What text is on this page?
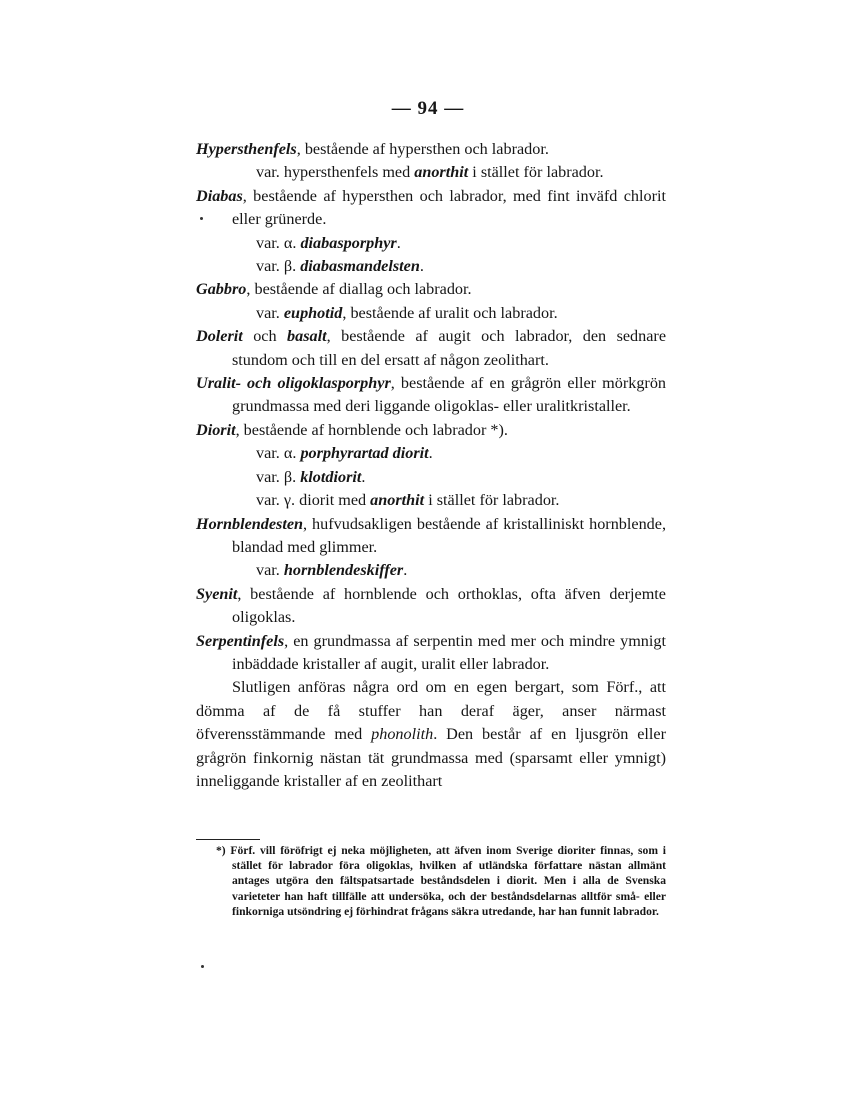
— 94 —

Hypersthenfels, bestående af hypersthen och labrador.

var. hypersthenfels med anorthit i stället för labrador.

Diabas, bestående af hypersthen och labrador, med fint inväfd chlorit eller grünerde.

var. α. diabasporphyr.

var. β. diabasmandelsten.

Gabbro, bestående af diallag och labrador.

var. euphotid, bestående af uralit och labrador.

Dolerit och basalt, bestående af augit och labrador, den sednare stundom och till en del ersatt af någon zeolithart.

Uralit- och oligoklasporphyr, bestående af en grågrön eller mörkgrön grundmassa med deri liggande oligoklas- eller uralitkristaller.

Diorit, bestående af hornblende och labrador *).

var. α. porphyrartad diorit.

var. β. klotdiorit.

var. γ. diorit med anorthit i stället för labrador.

Hornblendesten, hufvudsakligen bestående af kristalliniskt hornblende, blandad med glimmer.

var. hornblendeskiffer.

Syenit, bestående af hornblende och orthoklas, ofta äfven derjemte oligoklas.

Serpentinfels, en grundmassa af serpentin med mer och mindre ymnigt inbäddade kristaller af augit, uralit eller labrador.

Slutligen anföras några ord om en egen bergart, som Förf., att dömma af de få stuffer han deraf äger, anser närmast öfverensstämmande med phonolith. Den består af en ljusgrön eller grågrön finkornig nästan tät grundmassa med (sparsamt eller ymnigt) inneliggande kristaller af en zeolithart

*) Förf. vill föröfrigt ej neka möjligheten, att äfven inom Sverige dioriter finnas, som i stället för labrador föra oligoklas, hvilken af utländska författare nästan allmänt antages utgöra den fältspatsartade beståndsdelen i diorit. Men i alla de Svenska varieteter han haft tillfälle att undersöka, och der beståndsdelarnas alltför små- eller finkorniga utsöndring ej förhindrat frågans säkra utredande, har han funnit labrador.
